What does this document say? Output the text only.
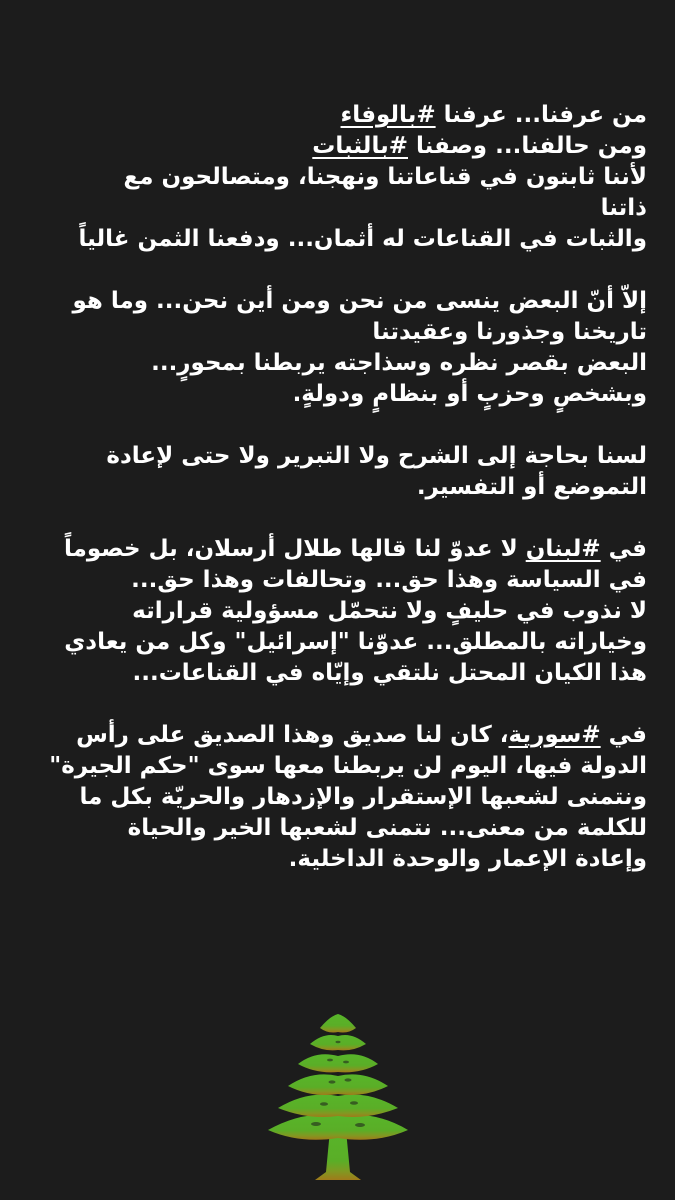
من عرفنا... عرفنا #بالوفاء
ومن حالفنا... وصفنا #بالثبات
لأننا ثابتون في قناعاتنا ونهجنا، ومتصالحون مع
ذاتنا
والثبات في القناعات له أثمان... ودفعنا الثمن غالياً
إلاّ أنّ البعض ينسى من نحن ومن أين نحن... وما هو
تاريخنا وجذورنا وعقيدتنا
البعض بقصر نظره وسذاجته يربطنا بمحورٍ...
وبشخصٍ وحزبٍ أو بنظامٍ ودولةٍ.
لسنا بحاجة إلى الشرح ولا التبرير ولا حتى لإعادة
التموضع أو التفسير.
في #لبنان لا عدوّ لنا قالها طلال أرسلان، بل خصوماً
في السياسة وهذا حق... وتحالفات وهذا حق...
لا نذوب في حليفٍ ولا نتحمّل مسؤولية قراراته
وخياراته بالمطلق... عدوّنا "إسرائيل" وكل من يعادي
هذا الكيان المحتل نلتقي وإيّاه في القناعات...
في #سورية، كان لنا صديق وهذا الصديق على رأس
الدولة فيها، اليوم لن يربطنا معها سوى "حكم الجيرة"
ونتمنى لشعبها الإستقرار والإزدهار والحريّة بكل ما
للكلمة من معنى... نتمنى لشعبها الخير والحياة
وإعادة الإعمار والوحدة الداخلية.
